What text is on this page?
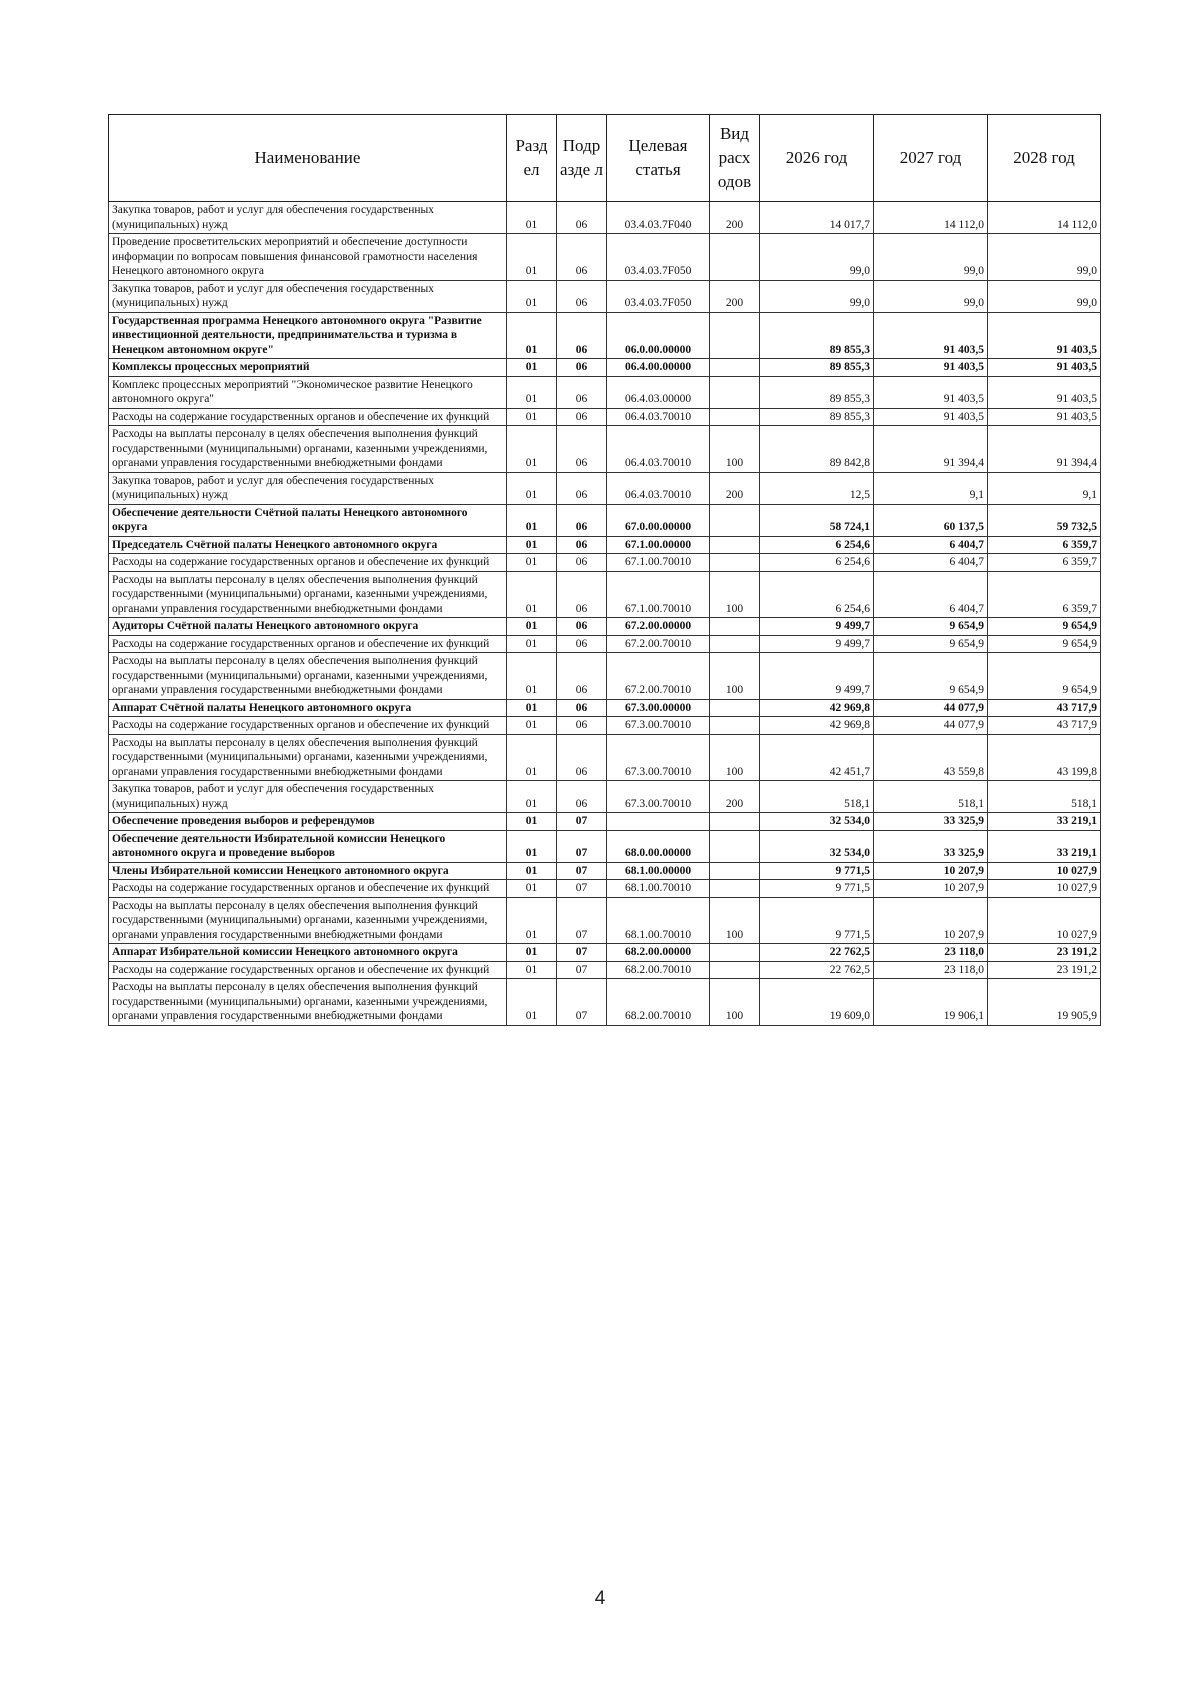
Наименование	Разд ел	Подр азде л	Целевая статья	Вид расх одов	2026 год	2027 год	2028 год
Закупка товаров, работ и услуг для обеспечения государственных (муниципальных) нужд	01	06	03.4.03.7F040	200	14 017,7	14 112,0	14 112,0
Проведение просветительских мероприятий и обеспечение доступности информации по вопросам повышения финансовой грамотности населения Ненецкого автономного округа	01	06	03.4.03.7F050		99,0	99,0	99,0
Закупка товаров, работ и услуг для обеспечения государственных (муниципальных) нужд	01	06	03.4.03.7F050	200	99,0	99,0	99,0
Государственная программа Ненецкого автономного округа "Развитие инвестиционной деятельности, предпринимательства и туризма в Ненецком автономном округе"	01	06	06.0.00.00000		89 855,3	91 403,5	91 403,5
Комплексы процессных мероприятий	01	06	06.4.00.00000		89 855,3	91 403,5	91 403,5
Комплекс процессных мероприятий "Экономическое развитие Ненецкого автономного округа"	01	06	06.4.03.00000		89 855,3	91 403,5	91 403,5
Расходы на содержание государственных органов и обеспечение их функций	01	06	06.4.03.70010		89 855,3	91 403,5	91 403,5
Расходы на выплаты персоналу в целях обеспечения выполнения функций государственными (муниципальными) органами, казенными учреждениями, органами управления государственными внебюджетными фондами	01	06	06.4.03.70010	100	89 842,8	91 394,4	91 394,4
Закупка товаров, работ и услуг для обеспечения государственных (муниципальных) нужд	01	06	06.4.03.70010	200	12,5	9,1	9,1
Обеспечение деятельности Счётной палаты Ненецкого автономного округа	01	06	67.0.00.00000		58 724,1	60 137,5	59 732,5
Председатель Счётной палаты Ненецкого автономного округа	01	06	67.1.00.00000		6 254,6	6 404,7	6 359,7
Расходы на содержание государственных органов и обеспечение их функций	01	06	67.1.00.70010		6 254,6	6 404,7	6 359,7
Расходы на выплаты персоналу в целях обеспечения выполнения функций государственными (муниципальными) органами, казенными учреждениями, органами управления государственными внебюджетными фондами	01	06	67.1.00.70010	100	6 254,6	6 404,7	6 359,7
Аудиторы Счётной палаты Ненецкого автономного округа	01	06	67.2.00.00000		9 499,7	9 654,9	9 654,9
Расходы на содержание государственных органов и обеспечение их функций	01	06	67.2.00.70010		9 499,7	9 654,9	9 654,9
Расходы на выплаты персоналу в целях обеспечения выполнения функций государственными (муниципальными) органами, казенными учреждениями, органами управления государственными внебюджетными фондами	01	06	67.2.00.70010	100	9 499,7	9 654,9	9 654,9
Аппарат Счётной палаты Ненецкого автономного округа	01	06	67.3.00.00000		42 969,8	44 077,9	43 717,9
Расходы на содержание государственных органов и обеспечение их функций	01	06	67.3.00.70010		42 969,8	44 077,9	43 717,9
Расходы на выплаты персоналу в целях обеспечения выполнения функций государственными (муниципальными) органами, казенными учреждениями, органами управления государственными внебюджетными фондами	01	06	67.3.00.70010	100	42 451,7	43 559,8	43 199,8
Закупка товаров, работ и услуг для обеспечения государственных (муниципальных) нужд	01	06	67.3.00.70010	200	518,1	518,1	518,1
Обеспечение проведения выборов и референдумов	01	07			32 534,0	33 325,9	33 219,1
Обеспечение деятельности Избирательной комиссии Ненецкого автономного округа и проведение выборов	01	07	68.0.00.00000		32 534,0	33 325,9	33 219,1
Члены Избирательной комиссии Ненецкого автономного округа	01	07	68.1.00.00000		9 771,5	10 207,9	10 027,9
Расходы на содержание государственных органов и обеспечение их функций	01	07	68.1.00.70010		9 771,5	10 207,9	10 027,9
Расходы на выплаты персоналу в целях обеспечения выполнения функций государственными (муниципальными) органами, казенными учреждениями, органами управления государственными внебюджетными фондами	01	07	68.1.00.70010	100	9 771,5	10 207,9	10 027,9
Аппарат Избирательной комиссии Ненецкого автономного округа	01	07	68.2.00.00000		22 762,5	23 118,0	23 191,2
Расходы на содержание государственных органов и обеспечение их функций	01	07	68.2.00.70010		22 762,5	23 118,0	23 191,2
Расходы на выплаты персоналу в целях обеспечения выполнения функций государственными (муниципальными) органами, казенными учреждениями, органами управления государственными внебюджетными фондами	01	07	68.2.00.70010	100	19 609,0	19 906,1	19 905,9
4
